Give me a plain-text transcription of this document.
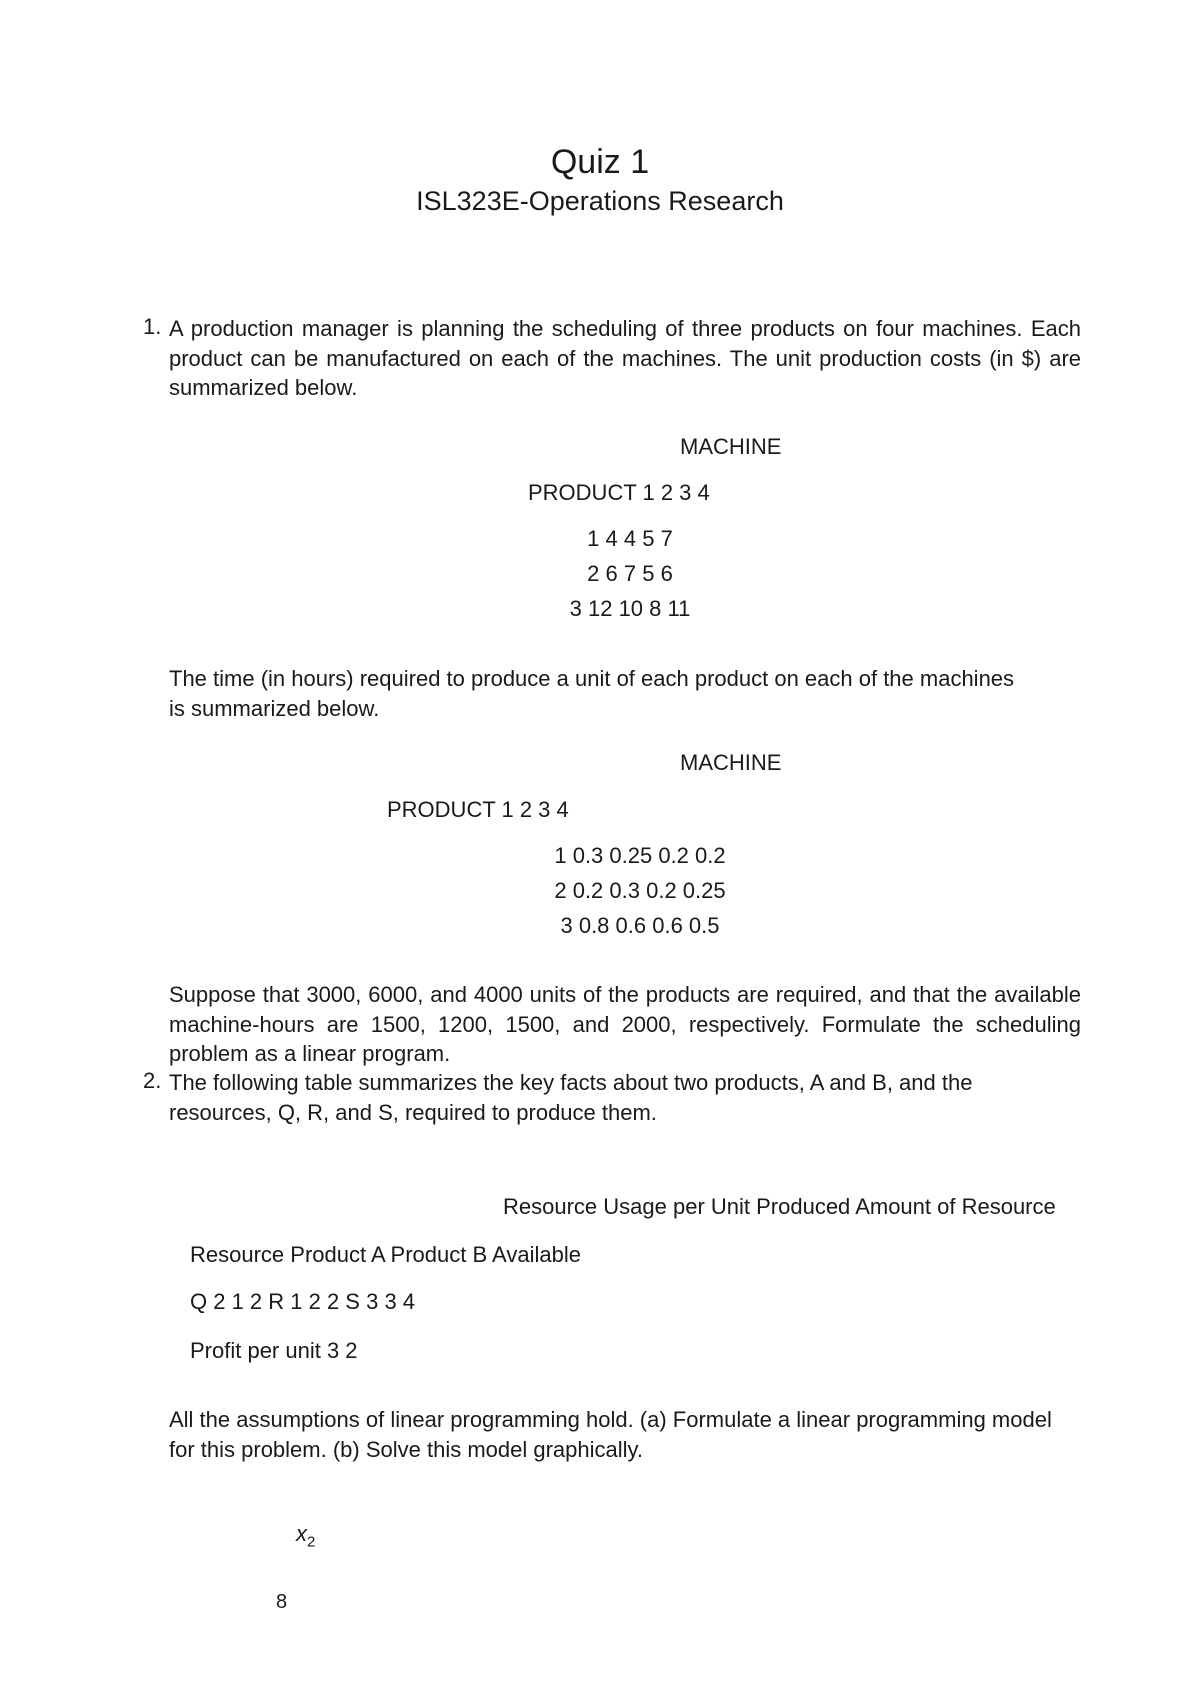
Quiz 1
ISL323E-Operations Research
1. A production manager is planning the scheduling of three products on four machines. Each product can be manufactured on each of the machines. The unit production costs (in $) are summarized below.
MACHINE
PRODUCT 1 2 3 4
1 4 4 5 7
2 6 7 5 6
3 12 10 8 11
The time (in hours) required to produce a unit of each product on each of the machines is summarized below.
MACHINE
PRODUCT 1 2 3 4
1 0.3 0.25 0.2 0.2
2 0.2 0.3 0.2 0.25
3 0.8 0.6 0.6 0.5
Suppose that 3000, 6000, and 4000 units of the products are required, and that the available machine-hours are 1500, 1200, 1500, and 2000, respectively. Formulate the scheduling problem as a linear program.
2. The following table summarizes the key facts about two products, A and B, and the resources, Q, R, and S, required to produce them.
Resource Usage per Unit Produced Amount of Resource
Resource Product A Product B Available
Q 2 1 2 R 1 2 2 S 3 3 4
Profit per unit 3 2
All the assumptions of linear programming hold. (a) Formulate a linear programming model for this problem. (b) Solve this model graphically.
$x_2$
8
